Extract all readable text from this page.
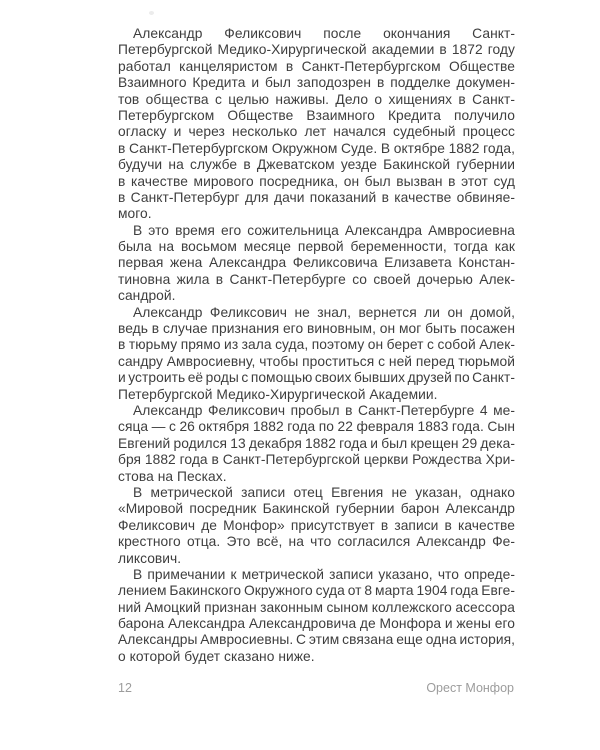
Александр Феликсович после окончания Санкт-
Петербургской Медико-Хирургической академии в 1872 году
работал канцеляристом в Санкт-Петербургском Обществе
Взаимного Кредита и был заподозрен в подделке докумен-
тов общества с целью наживы. Дело о хищениях в Санкт-
Петербургском Обществе Взаимного Кредита получило
огласку и через несколько лет начался судебный процесс
в Санкт-Петербургском Окружном Суде. В октябре 1882 года,
будучи на службе в Джеватском уезде Бакинской губернии
в качестве мирового посредника, он был вызван в этот суд
в Санкт-Петербург для дачи показаний в качестве обвиняе-
мого.
В это время его сожительница Александра Амвросиевна
была на восьмом месяце первой беременности, тогда как
первая жена Александра Феликсовича Елизавета Констан-
тиновна жила в Санкт-Петербурге со своей дочерью Алек-
сандрой.
Александр Феликсович не знал, вернется ли он домой,
ведь в случае признания его виновным, он мог быть посажен
в тюрьму прямо из зала суда, поэтому он берет с собой Алек-
сандру Амвросиевну, чтобы проститься с ней перед тюрьмой
и устроить её роды с помощью своих бывших друзей по Санкт-
Петербургской Медико-Хирургической Академии.
Александр Феликсович пробыл в Санкт-Петербурге 4 ме-
сяца — с 26 октября 1882 года по 22 февраля 1883 года. Сын
Евгений родился 13 декабря 1882 года и был крещен 29 дека-
бря 1882 года в Санкт-Петербургской церкви Рождества Хри-
стова на Песках.
В метрической записи отец Евгения не указан, однако
«Мировой посредник Бакинской губернии барон Александр
Феликсович де Монфор» присутствует в записи в качестве
крестного отца. Это всё, на что согласился Александр Фе-
ликсович.
В примечании к метрической записи указано, что опреде-
лением Бакинского Окружного суда от 8 марта 1904 года Евге-
ний Амоцкий признан законным сыном коллежского асессора
барона Александра Александровича де Монфора и жены его
Александры Амвросиевны. С этим связана еще одна история,
о которой будет сказано ниже.
12	Орест Монфор
